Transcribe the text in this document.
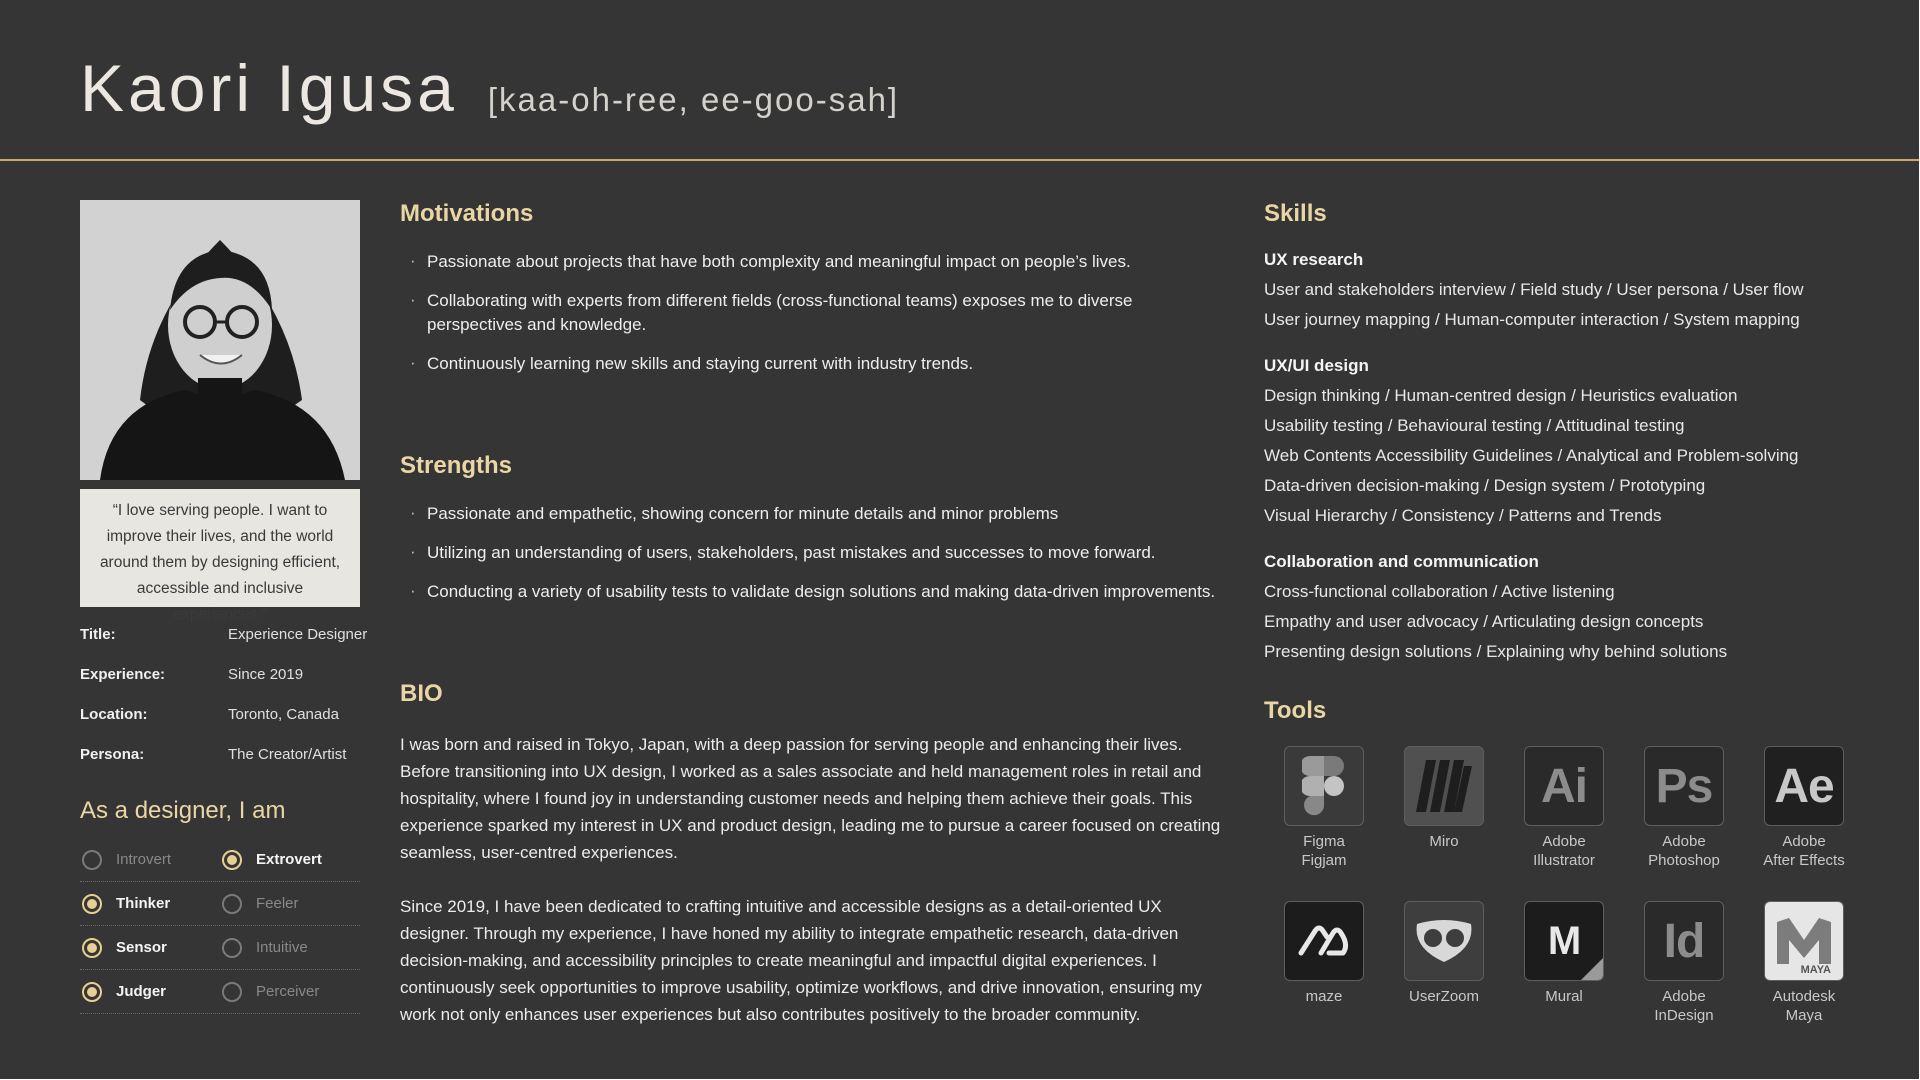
Kaori Igusa [kaa-oh-ree, ee-goo-sah]
“I love serving people. I want to improve their lives, and the world around them by designing efficient, accessible and inclusive experiences.”
Title:	Experience Designer
Experience:	Since 2019
Location:	Toronto, Canada
Persona:	The Creator/Artist
As a designer, I am
Introvert	Extrovert
Thinker	Feeler
Sensor	Intuitive
Judger	Perceiver
Motivations
· Passionate about projects that have both complexity and meaningful impact on people’s lives.
· Collaborating with experts from different fields (cross-functional teams) exposes me to diverse perspectives and knowledge.
· Continuously learning new skills and staying current with industry trends.
Strengths
· Passionate and empathetic, showing concern for minute details and minor problems
· Utilizing an understanding of users, stakeholders, past mistakes and successes to move forward.
· Conducting a variety of usability tests to validate design solutions and making data-driven improvements.
BIO

I was born and raised in Tokyo, Japan, with a deep passion for serving people and enhancing their lives. Before transitioning into UX design, I worked as a sales associate and held management roles in retail and hospitality, where I found joy in understanding customer needs and helping them achieve their goals. This experience sparked my interest in UX and product design, leading me to pursue a career focused on creating seamless, user-centred experiences.

Since 2019, I have been dedicated to crafting intuitive and accessible designs as a detail-oriented UX designer. Through my experience, I have honed my ability to integrate empathetic research, data-driven decision-making, and accessibility principles to create meaningful and impactful digital experiences. I continuously seek opportunities to improve usability, optimize workflows, and drive innovation, ensuring my work not only enhances user experiences but also contributes positively to the broader community.

Skills
UX research
User and stakeholders interview / Field study / User persona / User flow
User journey mapping / Human-computer interaction / System mapping
UX/UI design
Design thinking / Human-centred design / Heuristics evaluation
Usability testing / Behavioural testing / Attitudinal testing
Web Contents Accessibility Guidelines / Analytical and Problem-solving
Data-driven decision-making / Design system / Prototyping
Visual Hierarchy / Consistency / Patterns and Trends
Collaboration and communication
Cross-functional collaboration / Active listening
Empathy and user advocacy / Articulating design concepts
Presenting design solutions / Explaining why behind solutions
Tools
Figma
Figjam
Miro
Ai
Adobe
Illustrator
Ps
Adobe
Photoshop
Ae
Adobe
After Effects
maze	UserZoom
M
Mural
Id
Adobe
InDesign
MAYA
Autodesk
Maya
